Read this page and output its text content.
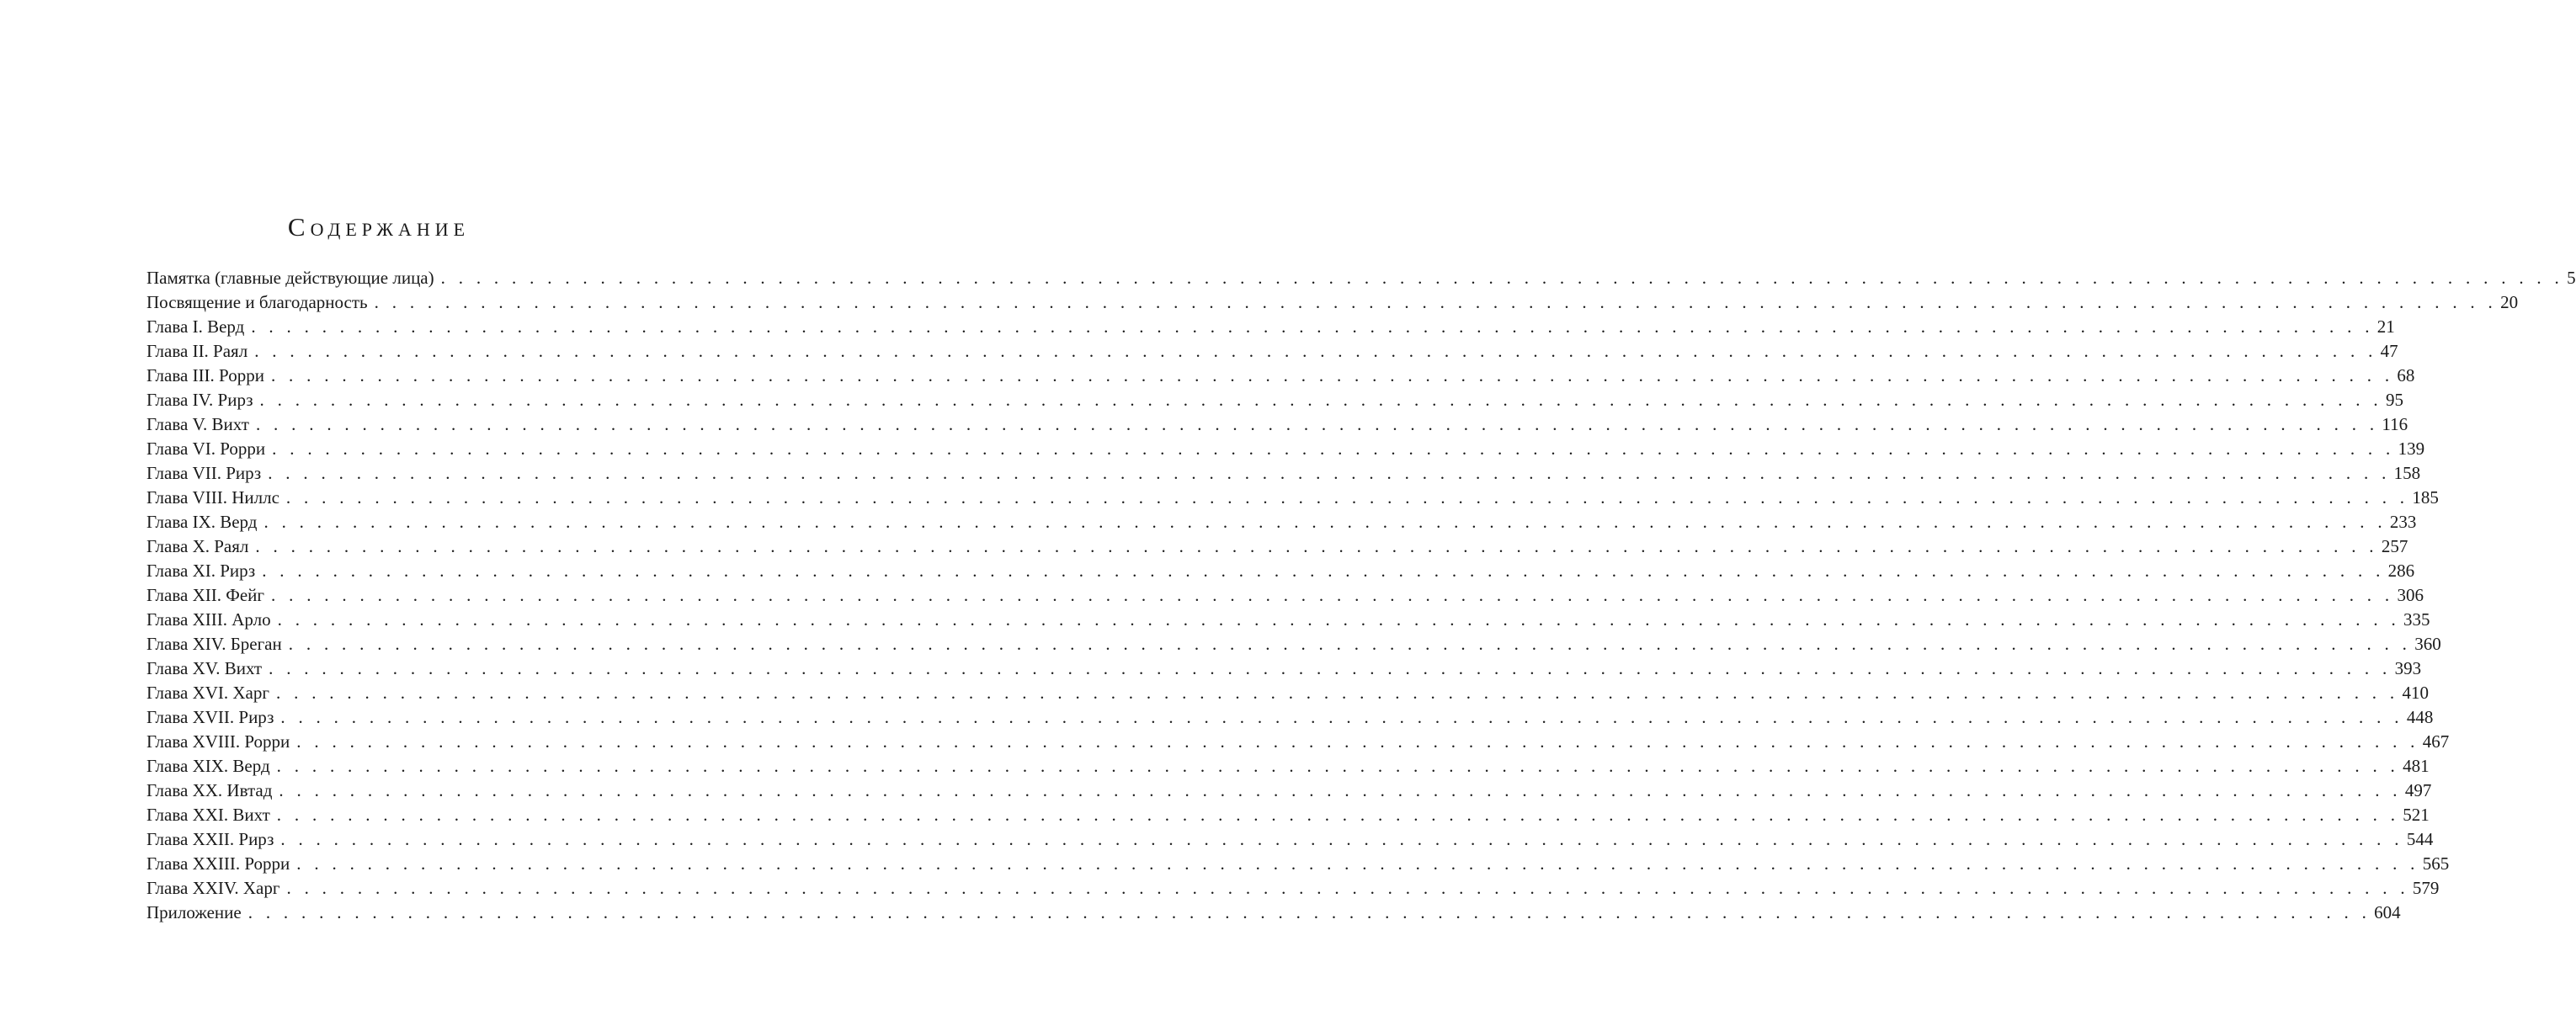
Содержание
Памятка (главные действующие лица) . . . . . . . . . . . . . . . . . . . . . . . . . . . . . . . . . . . . . . . . . . . . . . . . . . . . . . . . . . . . . . . . . . . . . . . . . . . . . . . . . . . . . . . . . . . . . . . . . . . . . . . . . . . . . . . . . . . . . . . . 5
Посвящение и благодарность . . . . . . . . . . . . . . . . . . . . . . . . . . . . . . . . . . . . . . . . . . . . . . . . . . . . . . . . . . . . . . . . . . . . . . . . . . . . . . . . . . . . . . . . . . . . . . . . . . . . . . . . . . . . . . . . . . . . . . . . 20
Глава I. Верд . . . . . . . . . . . . . . . . . . . . . . . . . . . . . . . . . . . . . . . . . . . . . . . . . . . . . . . . . . . . . . . . . . . . . . . . . . . . . . . . . . . . . . . . . . . . . . . . . . . . . . . . . . . . . . . . . . . . . . . . 21
Глава II. Раял . . . . . . . . . . . . . . . . . . . . . . . . . . . . . . . . . . . . . . . . . . . . . . . . . . . . . . . . . . . . . . . . . . . . . . . . . . . . . . . . . . . . . . . . . . . . . . . . . . . . . . . . . . . . . . . . . . . . . . . . 47
Глава III. Рорри . . . . . . . . . . . . . . . . . . . . . . . . . . . . . . . . . . . . . . . . . . . . . . . . . . . . . . . . . . . . . . . . . . . . . . . . . . . . . . . . . . . . . . . . . . . . . . . . . . . . . . . . . . . . . . . . . . . . . . . . 68
Глава IV. Рирз . . . . . . . . . . . . . . . . . . . . . . . . . . . . . . . . . . . . . . . . . . . . . . . . . . . . . . . . . . . . . . . . . . . . . . . . . . . . . . . . . . . . . . . . . . . . . . . . . . . . . . . . . . . . . . . . . . . . . . . . 95
Глава V. Вихт . . . . . . . . . . . . . . . . . . . . . . . . . . . . . . . . . . . . . . . . . . . . . . . . . . . . . . . . . . . . . . . . . . . . . . . . . . . . . . . . . . . . . . . . . . . . . . . . . . . . . . . . . . . . . . . . . . . . . . . . 116
Глава VI. Рорри . . . . . . . . . . . . . . . . . . . . . . . . . . . . . . . . . . . . . . . . . . . . . . . . . . . . . . . . . . . . . . . . . . . . . . . . . . . . . . . . . . . . . . . . . . . . . . . . . . . . . . . . . . . . . . . . . . . . . . . . 139
Глава VII. Рирз . . . . . . . . . . . . . . . . . . . . . . . . . . . . . . . . . . . . . . . . . . . . . . . . . . . . . . . . . . . . . . . . . . . . . . . . . . . . . . . . . . . . . . . . . . . . . . . . . . . . . . . . . . . . . . . . . . . . . . . . 158
Глава VIII. Ниллс . . . . . . . . . . . . . . . . . . . . . . . . . . . . . . . . . . . . . . . . . . . . . . . . . . . . . . . . . . . . . . . . . . . . . . . . . . . . . . . . . . . . . . . . . . . . . . . . . . . . . . . . . . . . . . . . . . . . . . . . 185
Глава IX. Верд . . . . . . . . . . . . . . . . . . . . . . . . . . . . . . . . . . . . . . . . . . . . . . . . . . . . . . . . . . . . . . . . . . . . . . . . . . . . . . . . . . . . . . . . . . . . . . . . . . . . . . . . . . . . . . . . . . . . . . . . 233
Глава X. Раял . . . . . . . . . . . . . . . . . . . . . . . . . . . . . . . . . . . . . . . . . . . . . . . . . . . . . . . . . . . . . . . . . . . . . . . . . . . . . . . . . . . . . . . . . . . . . . . . . . . . . . . . . . . . . . . . . . . . . . . . 257
Глава XI. Рирз . . . . . . . . . . . . . . . . . . . . . . . . . . . . . . . . . . . . . . . . . . . . . . . . . . . . . . . . . . . . . . . . . . . . . . . . . . . . . . . . . . . . . . . . . . . . . . . . . . . . . . . . . . . . . . . . . . . . . . . . 286
Глава XII. Фейг . . . . . . . . . . . . . . . . . . . . . . . . . . . . . . . . . . . . . . . . . . . . . . . . . . . . . . . . . . . . . . . . . . . . . . . . . . . . . . . . . . . . . . . . . . . . . . . . . . . . . . . . . . . . . . . . . . . . . . . . 306
Глава XIII. Арло . . . . . . . . . . . . . . . . . . . . . . . . . . . . . . . . . . . . . . . . . . . . . . . . . . . . . . . . . . . . . . . . . . . . . . . . . . . . . . . . . . . . . . . . . . . . . . . . . . . . . . . . . . . . . . . . . . . . . . . . 335
Глава XIV. Бреган . . . . . . . . . . . . . . . . . . . . . . . . . . . . . . . . . . . . . . . . . . . . . . . . . . . . . . . . . . . . . . . . . . . . . . . . . . . . . . . . . . . . . . . . . . . . . . . . . . . . . . . . . . . . . . . . . . . . . . . . 360
Глава XV. Вихт . . . . . . . . . . . . . . . . . . . . . . . . . . . . . . . . . . . . . . . . . . . . . . . . . . . . . . . . . . . . . . . . . . . . . . . . . . . . . . . . . . . . . . . . . . . . . . . . . . . . . . . . . . . . . . . . . . . . . . . . 393
Глава XVI. Харг . . . . . . . . . . . . . . . . . . . . . . . . . . . . . . . . . . . . . . . . . . . . . . . . . . . . . . . . . . . . . . . . . . . . . . . . . . . . . . . . . . . . . . . . . . . . . . . . . . . . . . . . . . . . . . . . . . . . . . . . 410
Глава XVII. Рирз . . . . . . . . . . . . . . . . . . . . . . . . . . . . . . . . . . . . . . . . . . . . . . . . . . . . . . . . . . . . . . . . . . . . . . . . . . . . . . . . . . . . . . . . . . . . . . . . . . . . . . . . . . . . . . . . . . . . . . . . 448
Глава XVIII. Рорри . . . . . . . . . . . . . . . . . . . . . . . . . . . . . . . . . . . . . . . . . . . . . . . . . . . . . . . . . . . . . . . . . . . . . . . . . . . . . . . . . . . . . . . . . . . . . . . . . . . . . . . . . . . . . . . . . . . . . . . . 467
Глава XIX. Верд . . . . . . . . . . . . . . . . . . . . . . . . . . . . . . . . . . . . . . . . . . . . . . . . . . . . . . . . . . . . . . . . . . . . . . . . . . . . . . . . . . . . . . . . . . . . . . . . . . . . . . . . . . . . . . . . . . . . . . . . 481
Глава XX. Ивтад . . . . . . . . . . . . . . . . . . . . . . . . . . . . . . . . . . . . . . . . . . . . . . . . . . . . . . . . . . . . . . . . . . . . . . . . . . . . . . . . . . . . . . . . . . . . . . . . . . . . . . . . . . . . . . . . . . . . . . . . 497
Глава XXI. Вихт . . . . . . . . . . . . . . . . . . . . . . . . . . . . . . . . . . . . . . . . . . . . . . . . . . . . . . . . . . . . . . . . . . . . . . . . . . . . . . . . . . . . . . . . . . . . . . . . . . . . . . . . . . . . . . . . . . . . . . . . 521
Глава XXII. Рирз . . . . . . . . . . . . . . . . . . . . . . . . . . . . . . . . . . . . . . . . . . . . . . . . . . . . . . . . . . . . . . . . . . . . . . . . . . . . . . . . . . . . . . . . . . . . . . . . . . . . . . . . . . . . . . . . . . . . . . . . 544
Глава XXIII. Рорри . . . . . . . . . . . . . . . . . . . . . . . . . . . . . . . . . . . . . . . . . . . . . . . . . . . . . . . . . . . . . . . . . . . . . . . . . . . . . . . . . . . . . . . . . . . . . . . . . . . . . . . . . . . . . . . . . . . . . . . . 565
Глава XXIV. Харг . . . . . . . . . . . . . . . . . . . . . . . . . . . . . . . . . . . . . . . . . . . . . . . . . . . . . . . . . . . . . . . . . . . . . . . . . . . . . . . . . . . . . . . . . . . . . . . . . . . . . . . . . . . . . . . . . . . . . . . . 579
Приложение . . . . . . . . . . . . . . . . . . . . . . . . . . . . . . . . . . . . . . . . . . . . . . . . . . . . . . . . . . . . . . . . . . . . . . . . . . . . . . . . . . . . . . . . . . . . . . . . . . . . . . . . . . . . . . . . . . . . . . . . 604
